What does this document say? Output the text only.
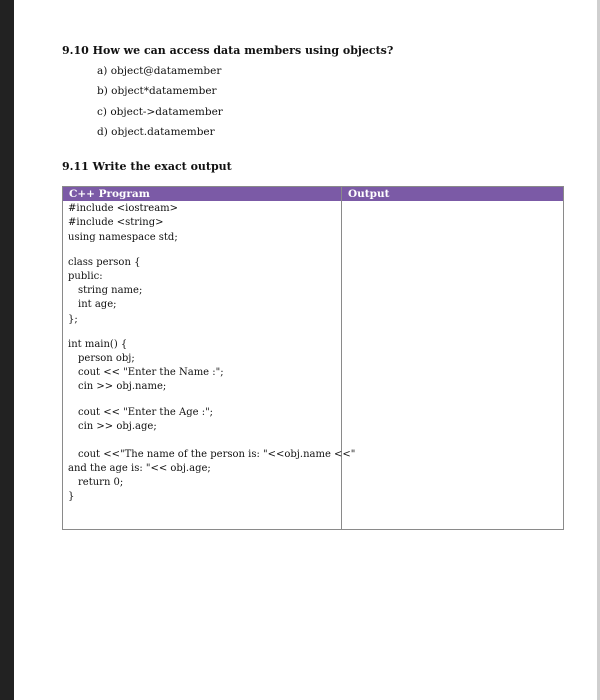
9.10 How we can access data members using objects?
a) object@datamember
b) object*datamember
c) object->datamember
d) object.datamember
9.11 Write the exact output
C++ Program	Output
#include <iostream>
#include <string>
using namespace std;
class person {
public:
string name;
int age;
};
int main() {
person obj;
cout << "Enter the Name :";
cin >> obj.name;
cout << "Enter the Age :";
cin >> obj.age;
cout <<"The name of the person is: "<<obj.name <<"
and the age is: "<< obj.age;
return 0;
}
